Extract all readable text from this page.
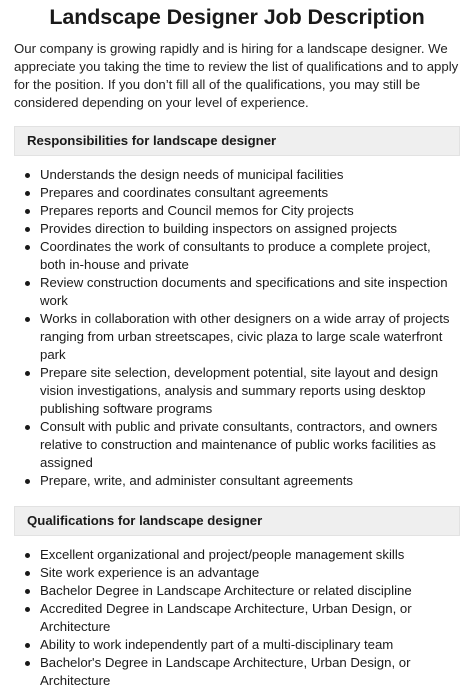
Landscape Designer Job Description

Our company is growing rapidly and is hiring for a landscape designer. We appreciate you taking the time to review the list of qualifications and to apply for the position. If you don’t fill all of the qualifications, you may still be considered depending on your level of experience.

Responsibilities for landscape designer
Understands the design needs of municipal facilities
Prepares and coordinates consultant agreements
Prepares reports and Council memos for City projects
Provides direction to building inspectors on assigned projects
Coordinates the work of consultants to produce a complete project, both in-house and private
Review construction documents and specifications and site inspection work
Works in collaboration with other designers on a wide array of projects ranging from urban streetscapes, civic plaza to large scale waterfront park
Prepare site selection, development potential, site layout and design vision investigations, analysis and summary reports using desktop publishing software programs
Consult with public and private consultants, contractors, and owners relative to construction and maintenance of public works facilities as assigned
Prepare, write, and administer consultant agreements
Qualifications for landscape designer
Excellent organizational and project/people management skills
Site work experience is an advantage
Bachelor Degree in Landscape Architecture or related discipline
Accredited Degree in Landscape Architecture, Urban Design, or Architecture
Ability to work independently part of a multi-disciplinary team
Bachelor's Degree in Landscape Architecture, Urban Design, or Architecture
